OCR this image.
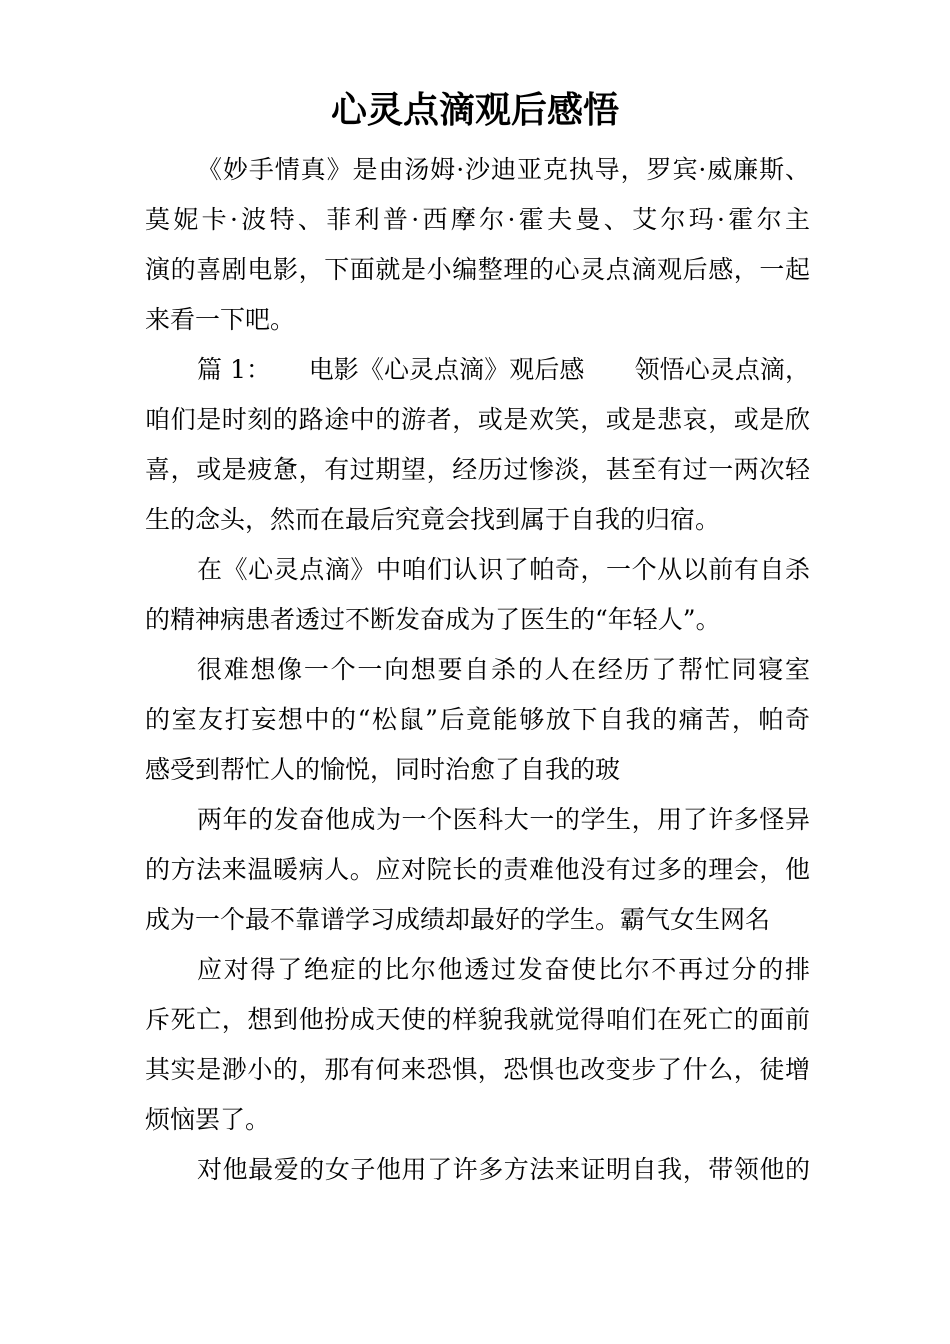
心灵点滴观后感悟

《妙手情真》是由汤姆·沙迪亚克执导，罗宾·威廉斯、
莫妮卡·波特、菲利普·西摩尔·霍夫曼、艾尔玛·霍尔主
演的喜剧电影，下面就是小编整理的心灵点滴观后感，一起
来看一下吧。

篇 1：　　电影《心灵点滴》观后感　　领悟心灵点滴，
咱们是时刻的路途中的游者，或是欢笑，或是悲哀，或是欣
喜，或是疲惫，有过期望，经历过惨淡，甚至有过一两次轻
生的念头，然而在最后究竟会找到属于自我的归宿。

在《心灵点滴》中咱们认识了帕奇，一个从以前有自杀
的精神病患者透过不断发奋成为了医生的“年轻人”。

很难想像一个一向想要自杀的人在经历了帮忙同寝室
的室友打妄想中的“松鼠”后竟能够放下自我的痛苦，帕奇
感受到帮忙人的愉悦，同时治愈了自我的玻

两年的发奋他成为一个医科大一的学生，用了许多怪异
的方法来温暖病人。应对院长的责难他没有过多的理会，他
成为一个最不靠谱学习成绩却最好的学生。霸气女生网名

应对得了绝症的比尔他透过发奋使比尔不再过分的排
斥死亡，想到他扮成天使的样貌我就觉得咱们在死亡的面前
其实是渺小的，那有何来恐惧，恐惧也改变步了什么，徒增
烦恼罢了。

对他最爱的女子他用了许多方法来证明自我，带领他的
